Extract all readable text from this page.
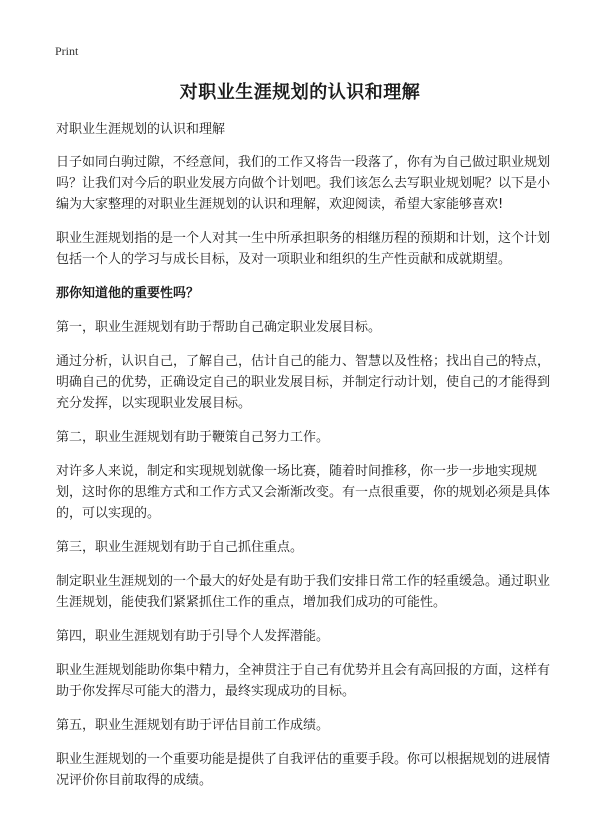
Print
对职业生涯规划的认识和理解

对职业生涯规划的认识和理解

日子如同白驹过隙，不经意间，我们的工作又将告一段落了，你有为自己做过职业规划吗？让我们对今后的职业发展方向做个计划吧。我们该怎么去写职业规划呢？以下是小编为大家整理的对职业生涯规划的认识和理解，欢迎阅读，希望大家能够喜欢!

职业生涯规划指的是一个人对其一生中所承担职务的相继历程的预期和计划，这个计划包括一个人的学习与成长目标，及对一项职业和组织的生产性贡献和成就期望。

那你知道他的重要性吗？

第一，职业生涯规划有助于帮助自己确定职业发展目标。

通过分析，认识自己，了解自己，估计自己的能力、智慧以及性格；找出自己的特点，明确自己的优势，正确设定自己的职业发展目标，并制定行动计划，使自己的才能得到充分发挥，以实现职业发展目标。

第二，职业生涯规划有助于鞭策自己努力工作。

对许多人来说，制定和实现规划就像一场比赛，随着时间推移，你一步一步地实现规划，这时你的思维方式和工作方式又会渐渐改变。有一点很重要，你的规划必须是具体的，可以实现的。

第三，职业生涯规划有助于自己抓住重点。

制定职业生涯规划的一个最大的好处是有助于我们安排日常工作的轻重缓急。通过职业生涯规划，能使我们紧紧抓住工作的重点，增加我们成功的可能性。

第四，职业生涯规划有助于引导个人发挥潜能。

职业生涯规划能助你集中精力，全神贯注于自己有优势并且会有高回报的方面，这样有助于你发挥尽可能大的潜力，最终实现成功的目标。

第五，职业生涯规划有助于评估目前工作成绩。

职业生涯规划的一个重要功能是提供了自我评估的重要手段。你可以根据规划的进展情况评价你目前取得的成绩。
